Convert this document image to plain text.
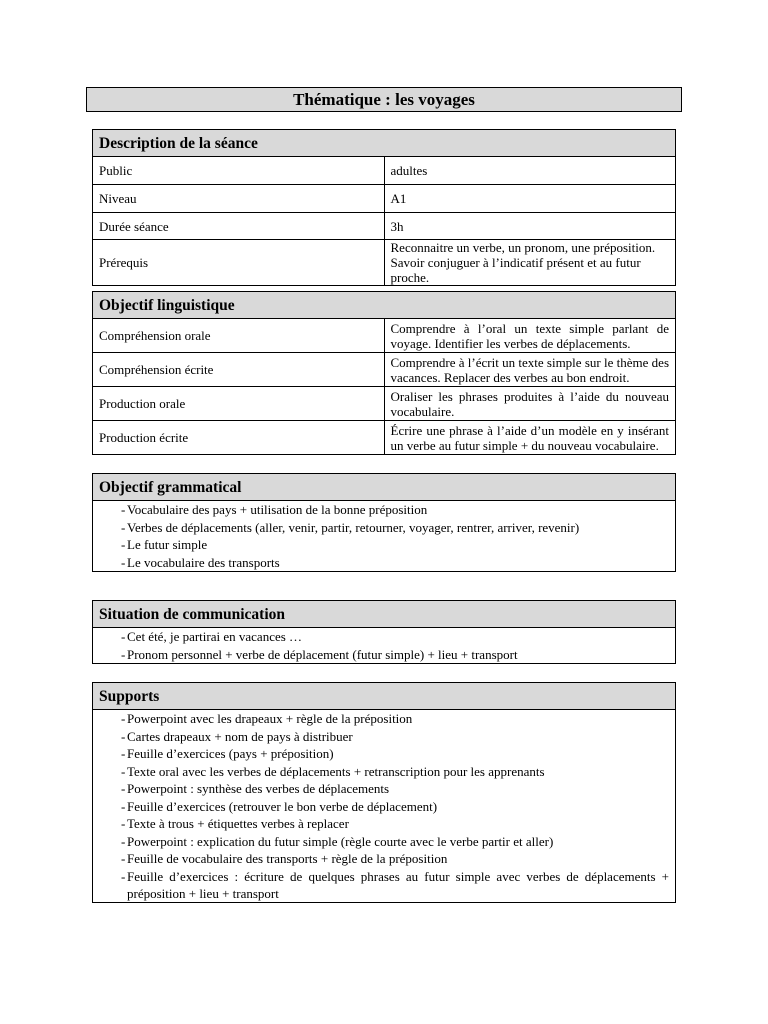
Thématique : les voyages
Description de la séance	
Public	adultes
Niveau	A1
Durée séance	3h
Prérequis	Reconnaitre un verbe, un pronom, une préposition.
Savoir conjuguer à l’indicatif présent et au futur proche.
Objectif linguistique	
Compréhension orale	Comprendre à l’oral un texte simple parlant de voyage. Identifier les verbes de déplacements.
Compréhension écrite	Comprendre à l’écrit un texte simple sur le thème des vacances. Replacer des verbes au bon endroit.
Production orale	Oraliser les phrases produites à l’aide du nouveau vocabulaire.
Production écrite	Écrire une phrase à l’aide d’un modèle en y insérant un verbe au futur simple + du nouveau vocabulaire.
Objectif grammatical

- Vocabulaire des pays + utilisation de la bonne préposition
- Verbes de déplacements (aller, venir, partir, retourner, voyager, rentrer, arriver, revenir)
- Le futur simple
- Le vocabulaire des transports
Situation de communication

- Cet été, je partirai en vacances …
- Pronom personnel + verbe de déplacement (futur simple) + lieu + transport
Supports

- Powerpoint avec les drapeaux + règle de la préposition
- Cartes drapeaux + nom de pays à distribuer
- Feuille d’exercices (pays + préposition)
- Texte oral avec les verbes de déplacements + retranscription pour les apprenants
- Powerpoint : synthèse des verbes de déplacements
- Feuille d’exercices (retrouver le bon verbe de déplacement)
- Texte à trous + étiquettes verbes à replacer
- Powerpoint : explication du futur simple (règle courte avec le verbe partir et aller)
- Feuille de vocabulaire des transports + règle de la préposition
- Feuille d’exercices : écriture de quelques phrases au futur simple avec verbes de déplacements + préposition + lieu + transport
